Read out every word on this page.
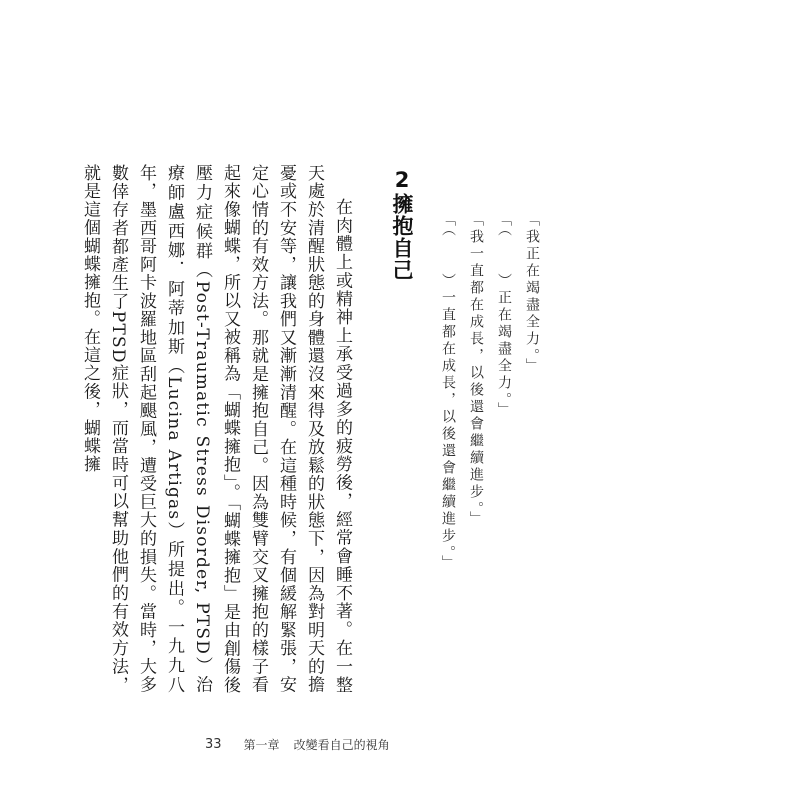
「我正在竭盡全力。」
「（　　）正在竭盡全力。」
「我一直都在成長，以後還會繼續進步。」
「（　　）一直都在成長，以後還會繼續進步。」
2擁抱自己

在肉體上或精神上承受過多的疲勞後，經常會睡不著。在一整天處於清醒狀態的身體還沒來得及放鬆的狀態下，因為對明天的擔憂或不安等，讓我們又漸漸清醒。在這種時候，有個緩解緊張，安定心情的有效方法。那就是擁抱自己。因為雙臂交叉擁抱的樣子看起來像蝴蝶，所以又被稱為「蝴蝶擁抱」。「蝴蝶擁抱」是由創傷後壓力症候群（Post-Traumatic Stress Disorder, PTSD）治療師盧西娜．阿蒂加斯（Lucina Artigas）所提出。一九九八年，墨西哥阿卡波羅地區刮起颶風，遭受巨大的損失。當時，大多數倖存者都產生了PTSD症狀，而當時可以幫助他們的有效方法，就是這個蝴蝶擁抱。在這之後，蝴蝶擁

33 第一章 改變看自己的視角
